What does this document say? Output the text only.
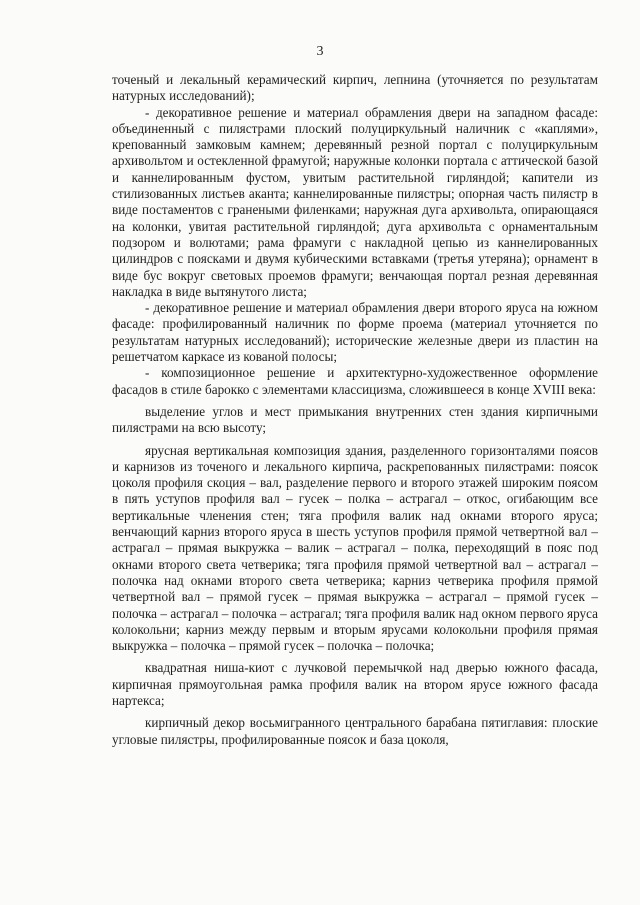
3

точеный и лекальный керамический кирпич, лепнина (уточняется по результатам натурных исследований);

- декоративное решение и материал обрамления двери на западном фасаде: объединенный с пилястрами плоский полуциркульный наличник с «каплями», крепованный замковым камнем; деревянный резной портал с полуциркульным архивольтом и остекленной фрамугой; наружные колонки портала с аттической базой и каннелированным фустом, увитым растительной гирляндой; капители из стилизованных листьев аканта; каннелированные пилястры; опорная часть пилястр в виде постаментов с гранеными филенками; наружная дуга архивольта, опирающаяся на колонки, увитая растительной гирляндой; дуга архивольта с орнаментальным подзором и волютами; рама фрамуги с накладной цепью из каннелированных цилиндров с поясками и двумя кубическими вставками (третья утеряна); орнамент в виде бус вокруг световых проемов фрамуги; венчающая портал резная деревянная накладка в виде вытянутого листа;

- декоративное решение и материал обрамления двери второго яруса на южном фасаде: профилированный наличник по форме проема (материал уточняется по результатам натурных исследований); исторические железные двери из пластин на решетчатом каркасе из кованой полосы;

- композиционное решение и архитектурно-художественное оформление фасадов в стиле барокко с элементами классицизма, сложившееся в конце XVIII века:

выделение углов и мест примыкания внутренних стен здания кирпичными пилястрами на всю высоту;

ярусная вертикальная композиция здания, разделенного горизонталями поясов и карнизов из точеного и лекального кирпича, раскрепованных пилястрами: поясок цоколя профиля скоция – вал, разделение первого и второго этажей широким поясом в пять уступов профиля вал – гусек – полка – астрагал – откос, огибающим все вертикальные членения стен; тяга профиля валик над окнами второго яруса; венчающий карниз второго яруса в шесть уступов профиля прямой четвертной вал – астрагал – прямая выкружка – валик – астрагал – полка, переходящий в пояс под окнами второго света четверика; тяга профиля прямой четвертной вал – астрагал – полочка над окнами второго света четверика; карниз четверика профиля прямой четвертной вал – прямой гусек – прямая выкружка – астрагал – прямой гусек – полочка – астрагал – полочка – астрагал; тяга профиля валик над окном первого яруса колокольни; карниз между первым и вторым ярусами колокольни профиля прямая выкружка – полочка – прямой гусек – полочка – полочка;

квадратная ниша-киот с лучковой перемычкой над дверью южного фасада, кирпичная прямоугольная рамка профиля валик на втором ярусе южного фасада нартекса;

кирпичный декор восьмигранного центрального барабана пятиглавия: плоские угловые пилястры, профилированные поясок и база цоколя,
